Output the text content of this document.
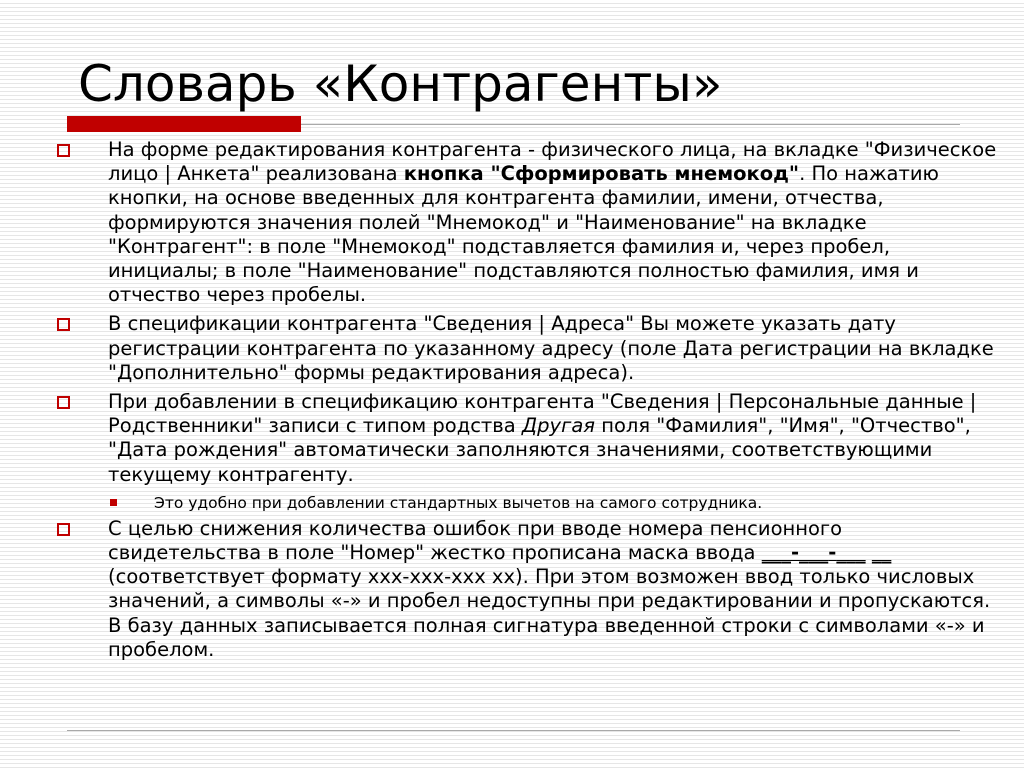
Словарь «Контрагенты»
На форме редактирования контрагента - физического лица, на вкладке "Физическое лицо | Анкета" реализована кнопка "Сформировать мнемокод". По нажатию кнопки, на основе введенных для контрагента фамилии, имени, отчества, формируются значения полей "Мнемокод" и "Наименование" на вкладке "Контрагент": в поле "Мнемокод" подставляется фамилия и, через пробел, инициалы; в поле "Наименование" подставляются полностью фамилия, имя и отчество через пробелы.
В спецификации контрагента "Сведения | Адреса" Вы можете указать дату регистрации контрагента по указанному адресу (поле Дата регистрации на вкладке "Дополнительно" формы редактирования адреса).
При добавлении в спецификацию контрагента "Сведения | Персональные данные | Родственники" записи с типом родства Другая поля "Фамилия", "Имя", "Отчество", "Дата рождения" автоматически заполняются значениями, соответствующими текущему контрагенту.
Это удобно при добавлении стандартных вычетов на самого сотрудника.
С целью снижения количества ошибок при вводе номера пенсионного свидетельства в поле "Номер" жестко прописана маска ввода ___-___-___ __ (соответствует формату ххх-ххх-ххх хх). При этом возможен ввод только числовых значений, а символы «-» и пробел недоступны при редактировании и пропускаются. В базу данных записывается полная сигнатура введенной строки с символами «-» и пробелом.
